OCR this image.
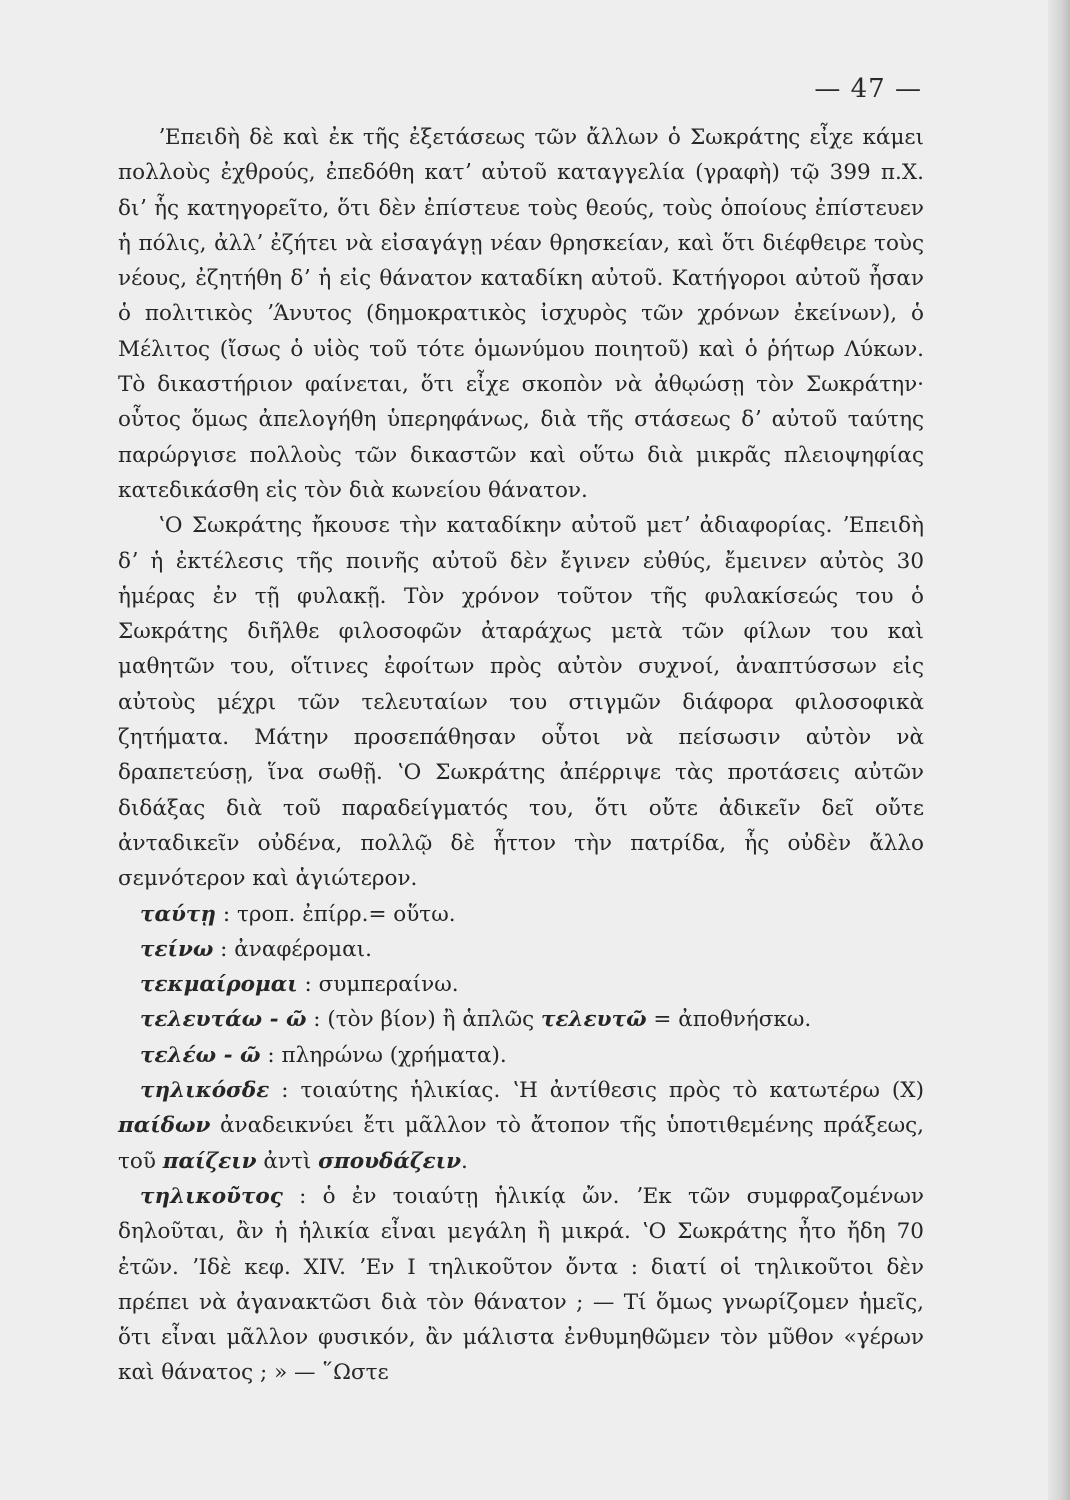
— 47 —

ʼΕπειδὴ δὲ καὶ ἐκ τῆς ἐξετάσεως τῶν ἄλλων ὁ Σωκράτης εἶχε κάμει πολλοὺς ἐχθρούς, ἐπεδόθη κατʼ αὐτοῦ καταγγελία (γραφὴ) τῷ 399 π.Χ. διʼ ἧς κατηγορεῖτο, ὅτι δὲν ἐπίστευε τοὺς θεούς, τοὺς ὁποίους ἐπίστευεν ἡ πόλις, ἀλλʼ ἐζήτει νὰ εἰσαγάγῃ νέαν θρησκείαν, καὶ ὅτι διέφθειρε τοὺς νέους, ἐζητήθη δʼ ἡ εἰς θάνατον καταδίκη αὐτοῦ. Κατήγοροι αὐτοῦ ἦσαν ὁ πολιτικὸς ʼΆνυτος (δημοκρατικὸς ἰσχυρὸς τῶν χρόνων ἐκείνων), ὁ Μέλιτος (ἴσως ὁ υἱὸς τοῦ τότε ὁμωνύμου ποιητοῦ) καὶ ὁ ῥήτωρ Λύκων. Τὸ δικαστήριον φαίνεται, ὅτι εἶχε σκοπὸν νὰ ἀθῳώσῃ τὸν Σωκράτην· οὗτος ὅμως ἀπελογήθη ὑπερηφάνως, διὰ τῆς στάσεως δʼ αὐτοῦ ταύτης παρώργισε πολλοὺς τῶν δικαστῶν καὶ οὕτω διὰ μικρᾶς πλειοψηφίας κατεδικάσθη εἰς τὸν διὰ κωνείου θάνατον.

ʽΟ Σωκράτης ἤκουσε τὴν καταδίκην αὐτοῦ μετʼ ἀδιαφορίας. ʼΕπειδὴ δʼ ἡ ἐκτέλεσις τῆς ποινῆς αὐτοῦ δὲν ἔγινεν εὐθύς, ἔμεινεν αὐτὸς 30 ἡμέρας ἐν τῇ φυλακῇ. Τὸν χρόνον τοῦτον τῆς φυλακίσεώς του ὁ Σωκράτης διῆλθε φιλοσοφῶν ἀταράχως μετὰ τῶν φίλων του καὶ μαθητῶν του, οἵτινες ἐφοίτων πρὸς αὐτὸν συχνοί, ἀναπτύσσων εἰς αὐτοὺς μέχρι τῶν τελευταίων του στιγμῶν διάφορα φιλοσοφικὰ ζητήματα. Μάτην προσεπάθησαν οὗτοι νὰ πείσωσιν αὐτὸν νὰ δραπετεύσῃ, ἵνα σωθῇ. ʽΟ Σωκράτης ἀπέρριψε τὰς προτάσεις αὐτῶν διδάξας διὰ τοῦ παραδείγματός του, ὅτι οὔτε ἀδικεῖν δεῖ οὔτε ἀνταδικεῖν οὐδένα, πολλῷ δὲ ἧττον τὴν πατρίδα, ἧς οὐδὲν ἄλλο σεμνότερον καὶ ἁγιώτερον.

ταύτῃ : τροπ. ἐπίρρ.= οὕτω.

τείνω : ἀναφέρομαι.

τεκμαίρομαι : συμπεραίνω.

τελευτάω - ῶ : (τὸν βίον) ἢ ἁπλῶς τελευτῶ = ἀποθνήσκω.

τελέω - ῶ : πληρώνω (χρήματα).

τηλικόσδε : τοιαύτης ἡλικίας. ʽΗ ἀντίθεσις πρὸς τὸ κατωτέρω (Χ) παίδων ἀναδεικνύει ἔτι μᾶλλον τὸ ἄτοπον τῆς ὑποτιθεμένης πράξεως, τοῦ παίζειν ἀντὶ σπουδάζειν.

τηλικοῦτος : ὁ ἐν τοιαύτῃ ἡλικίᾳ ὤν. ʼΕκ τῶν συμφραζομένων δηλοῦται, ἂν ἡ ἡλικία εἶναι μεγάλη ἢ μικρά. ʽΟ Σωκράτης ἦτο ἤδη 70 ἐτῶν. ʼΙδὲ κεφ. XIV. ʼΕν I τηλικοῦτον ὄντα : διατί οἱ τηλικοῦτοι δὲν πρέπει νὰ ἀγανακτῶσι διὰ τὸν θάνατον ; — Τί ὅμως γνωρίζομεν ἡμεῖς, ὅτι εἶναι μᾶλλον φυσικόν, ἂν μάλιστα ἐνθυμηθῶμεν τὸν μῦθον «γέρων καὶ θάνατος ; » — ῞Ωστε
